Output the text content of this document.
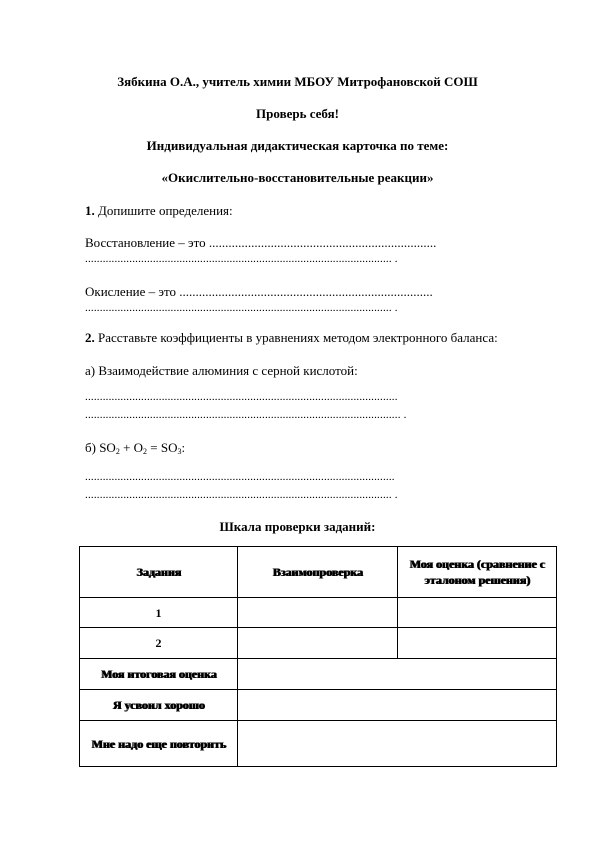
Зябкина О.А., учитель химии МБОУ Митрофановской СОШ
Проверь себя!
Индивидуальная дидактическая карточка по теме:
«Окислительно-восстановительные реакции»
1. Допишите определения:
Восстановление – это ......................................................................
........................................................................................................ .
Окисление – это ..............................................................................
........................................................................................................ .
2. Расставьте коэффициенты в уравнениях методом электронного баланса:
а) Взаимодействие алюминия с серной кислотой:
..........................................................................................................
........................................................................................................... .
б) $SO_2 + O_2 = SO_3$:
.........................................................................................................
........................................................................................................ .
Шкала проверки заданий:
Задания	Взаимопроверка	Моя оценка (сравнение с эталоном решения)
1		
2		
Моя итоговая оценка		
Я усвоил хорошо		
Мне надо еще повторить		
